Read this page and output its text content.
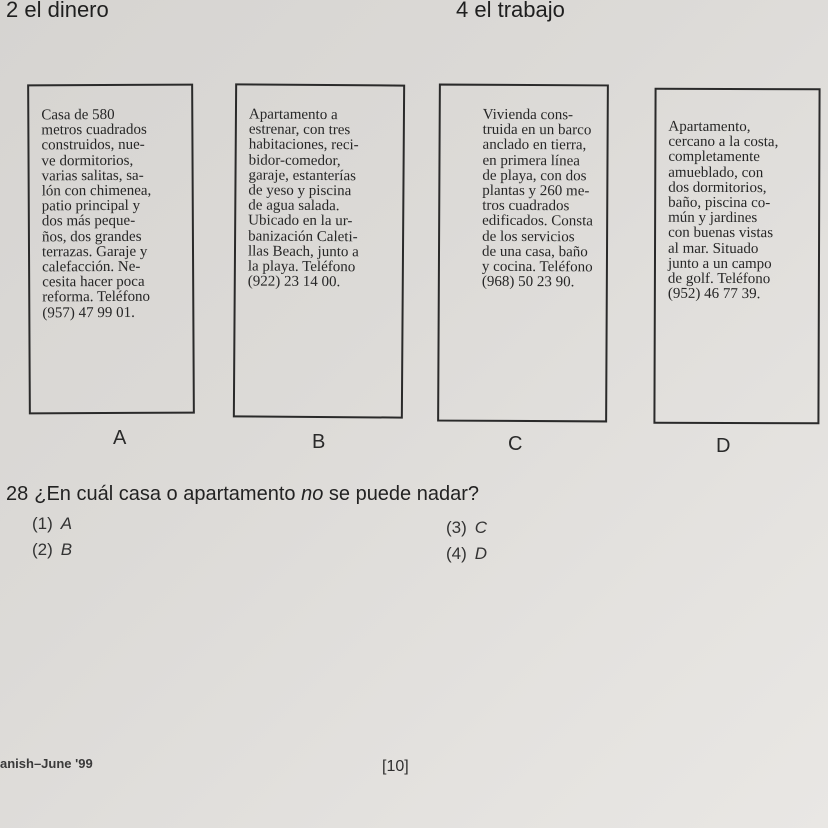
2 el dinero	4 el trabajo

Casa de 580
metros cuadrados
construidos, nue-
ve dormitorios,
varias salitas, sa-
lón con chimenea,
patio principal y
dos más peque-
ños, dos grandes
terrazas. Garaje y
calefacción. Ne-
cesita hacer poca
reforma. Teléfono
(957) 47 99 01.

Apartamento a
estrenar, con tres
habitaciones, reci-
bidor-comedor,
garaje, estanterías
de yeso y piscina
de agua salada.
Ubicado en la ur-
banización Caleti-
llas Beach, junto a
la playa. Teléfono
(922) 23 14 00.

Vivienda cons-
truida en un barco
anclado en tierra,
en primera línea
de playa, con dos
plantas y 260 me-
tros cuadrados
edificados. Consta
de los servicios
de una casa, baño
y cocina. Teléfono
(968) 50 23 90.

Apartamento,
cercano a la costa,
completamente
amueblado, con
dos dormitorios,
baño, piscina co-
mún y jardines
con buenas vistas
al mar. Situado
junto a un campo
de golf. Teléfono
(952) 46 77 39.

A	B	C	D
28 ¿En cuál casa o apartamento no se puede nadar?
(1) A
(2) B
(3) C
(4) D
anish–June '99	[10]
